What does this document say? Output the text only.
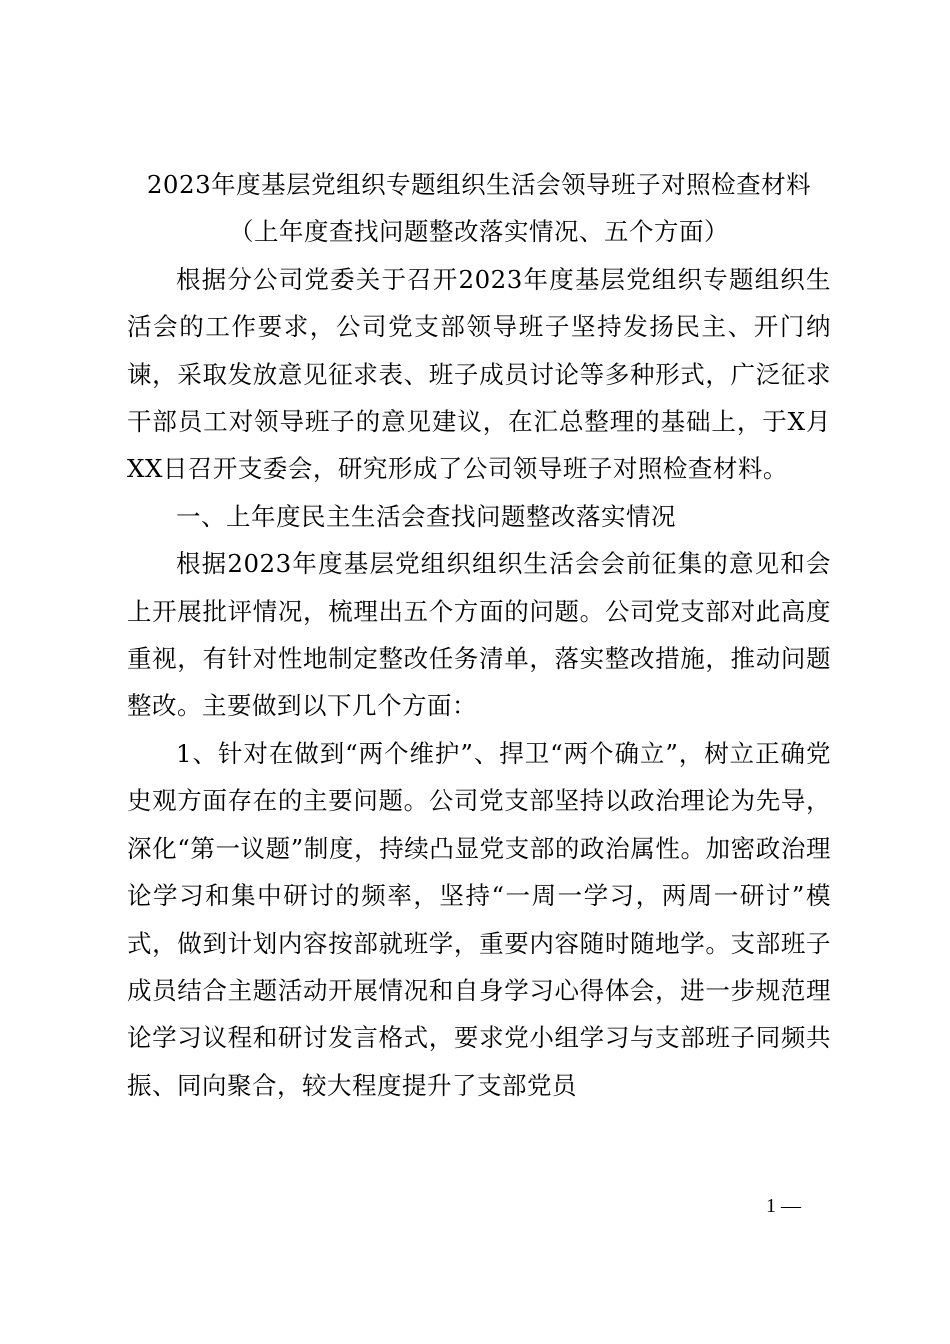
2023年度基层党组织专题组织生活会领导班子对照检查材料

（上年度查找问题整改落实情况、五个方面）

根据分公司党委关于召开2023年度基层党组织专题组织生活会的工作要求，公司党支部领导班子坚持发扬民主、开门纳谏，采取发放意见征求表、班子成员讨论等多种形式，广泛征求干部员工对领导班子的意见建议，在汇总整理的基础上，于X月XX日召开支委会，研究形成了公司领导班子对照检查材料。

一、上年度民主生活会查找问题整改落实情况

根据2023年度基层党组织组织生活会会前征集的意见和会上开展批评情况，梳理出五个方面的问题。公司党支部对此高度重视，有针对性地制定整改任务清单，落实整改措施，推动问题整改。主要做到以下几个方面：

1、针对在做到“两个维护”、捍卫“两个确立”，树立正确党史观方面存在的主要问题。公司党支部坚持以政治理论为先导，深化“第一议题”制度，持续凸显党支部的政治属性。加密政治理论学习和集中研讨的频率，坚持“一周一学习，两周一研讨”模式，做到计划内容按部就班学，重要内容随时随地学。支部班子成员结合主题活动开展情况和自身学习心得体会，进一步规范理论学习议程和研讨发言格式，要求党小组学习与支部班子同频共振、同向聚合，较大程度提升了支部党员

1 —
